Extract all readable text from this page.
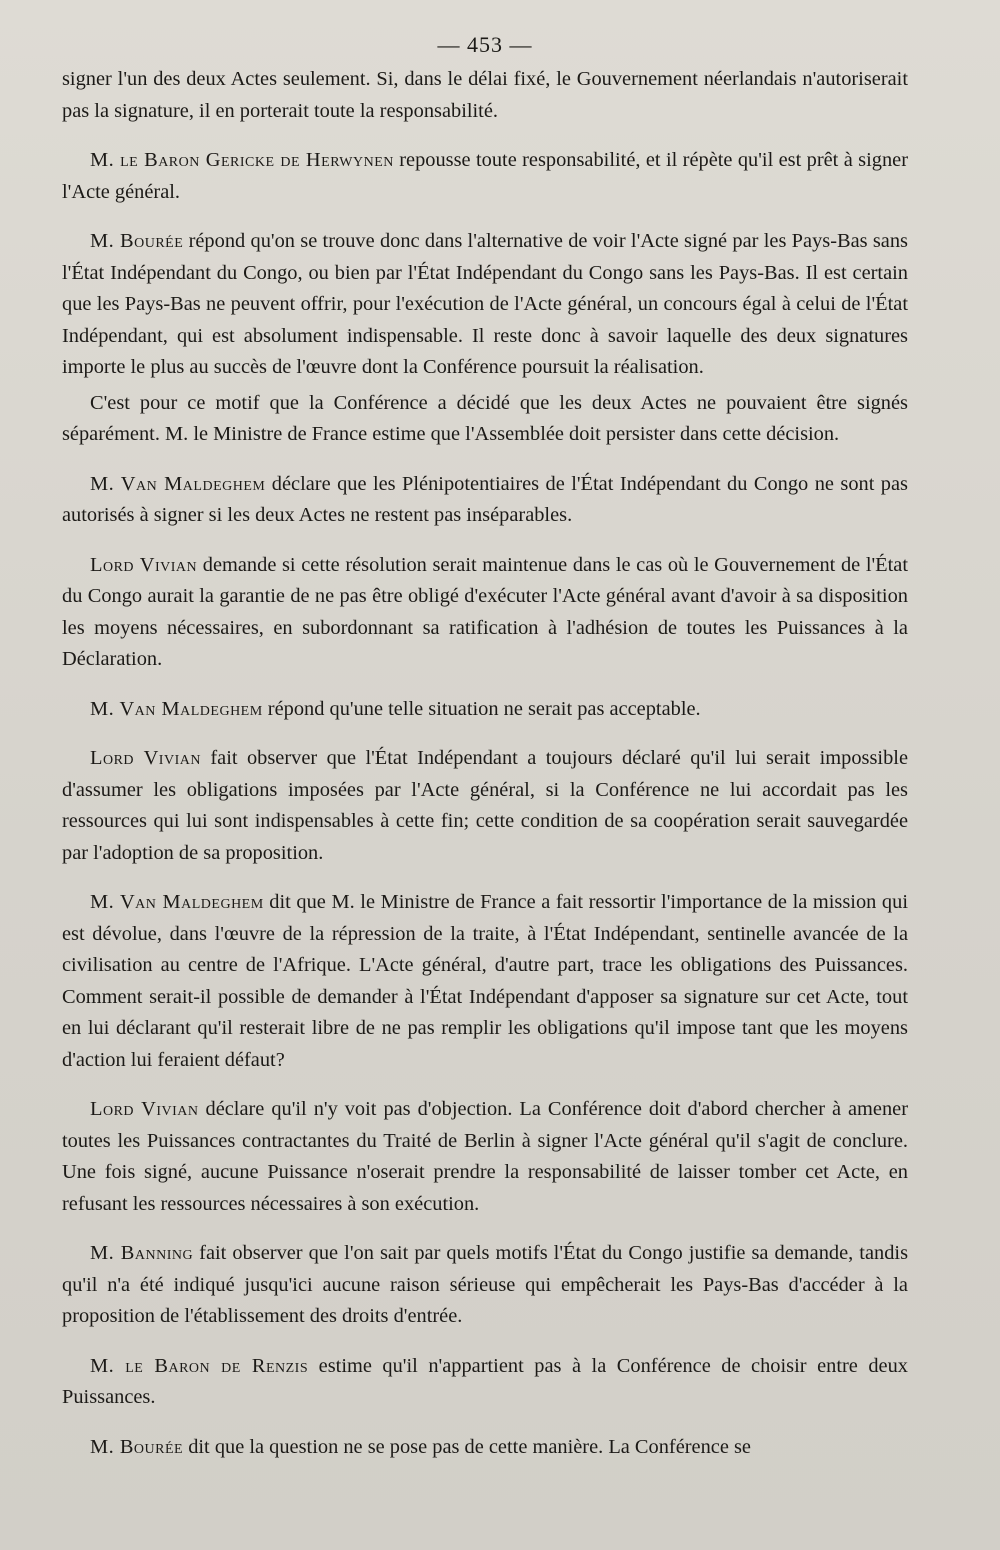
— 453 —

signer l'un des deux Actes seulement. Si, dans le délai fixé, le Gouvernement néerlandais n'autoriserait pas la signature, il en porterait toute la responsabilité.

M. le Baron Gericke de Herwynen repousse toute responsabilité, et il répète qu'il est prêt à signer l'Acte général.

M. Bourée répond qu'on se trouve donc dans l'alternative de voir l'Acte signé par les Pays-Bas sans l'État Indépendant du Congo, ou bien par l'État Indépendant du Congo sans les Pays-Bas. Il est certain que les Pays-Bas ne peuvent offrir, pour l'exécution de l'Acte général, un concours égal à celui de l'État Indépendant, qui est absolument indispensable. Il reste donc à savoir laquelle des deux signatures importe le plus au succès de l'œuvre dont la Conférence poursuit la réalisation.

C'est pour ce motif que la Conférence a décidé que les deux Actes ne pouvaient être signés séparément. M. le Ministre de France estime que l'Assemblée doit persister dans cette décision.

M. Van Maldeghem déclare que les Plénipotentiaires de l'État Indépendant du Congo ne sont pas autorisés à signer si les deux Actes ne restent pas inséparables.

Lord Vivian demande si cette résolution serait maintenue dans le cas où le Gouvernement de l'État du Congo aurait la garantie de ne pas être obligé d'exécuter l'Acte général avant d'avoir à sa disposition les moyens nécessaires, en subordonnant sa ratification à l'adhésion de toutes les Puissances à la Déclaration.

M. Van Maldeghem répond qu'une telle situation ne serait pas acceptable.

Lord Vivian fait observer que l'État Indépendant a toujours déclaré qu'il lui serait impossible d'assumer les obligations imposées par l'Acte général, si la Conférence ne lui accordait pas les ressources qui lui sont indispensables à cette fin; cette condition de sa coopération serait sauvegardée par l'adoption de sa proposition.

M. Van Maldeghem dit que M. le Ministre de France a fait ressortir l'importance de la mission qui est dévolue, dans l'œuvre de la répression de la traite, à l'État Indépendant, sentinelle avancée de la civilisation au centre de l'Afrique. L'Acte général, d'autre part, trace les obligations des Puissances. Comment serait-il possible de demander à l'État Indépendant d'apposer sa signature sur cet Acte, tout en lui déclarant qu'il resterait libre de ne pas remplir les obligations qu'il impose tant que les moyens d'action lui feraient défaut?

Lord Vivian déclare qu'il n'y voit pas d'objection. La Conférence doit d'abord chercher à amener toutes les Puissances contractantes du Traité de Berlin à signer l'Acte général qu'il s'agit de conclure. Une fois signé, aucune Puissance n'oserait prendre la responsabilité de laisser tomber cet Acte, en refusant les ressources nécessaires à son exécution.

M. Banning fait observer que l'on sait par quels motifs l'État du Congo justifie sa demande, tandis qu'il n'a été indiqué jusqu'ici aucune raison sérieuse qui empêcherait les Pays-Bas d'accéder à la proposition de l'établissement des droits d'entrée.

M. le Baron de Renzis estime qu'il n'appartient pas à la Conférence de choisir entre deux Puissances.

M. Bourée dit que la question ne se pose pas de cette manière. La Conférence se
